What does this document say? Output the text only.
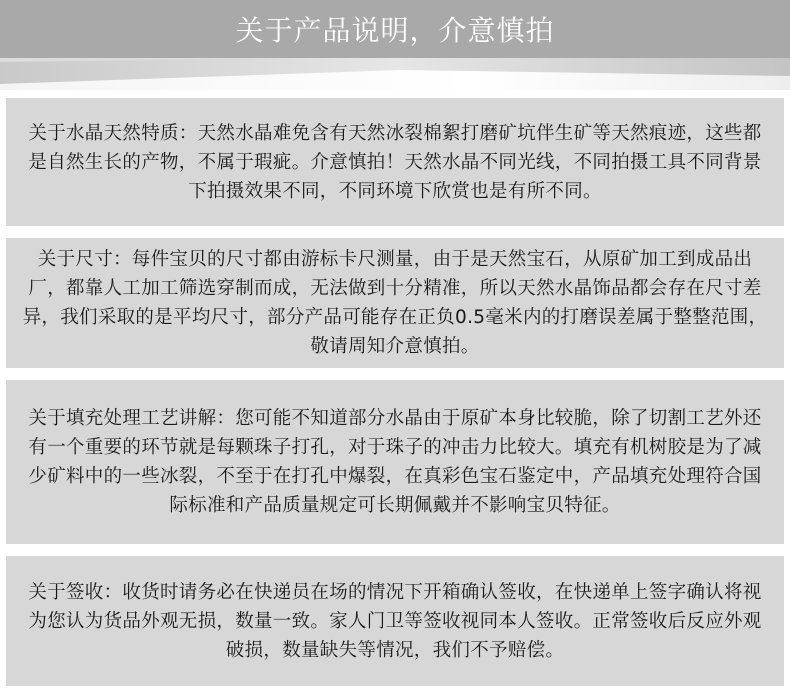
关于产品说明，介意慎拍

关于水晶天然特质：天然水晶难免含有天然冰裂棉絮打磨矿坑伴生矿等天然痕迹，这些都是自然生长的产物，不属于瑕疵。介意慎拍！天然水晶不同光线，不同拍摄工具不同背景下拍摄效果不同，不同环境下欣赏也是有所不同。

关于尺寸：每件宝贝的尺寸都由游标卡尺测量，由于是天然宝石，从原矿加工到成品出厂，都靠人工加工筛选穿制而成，无法做到十分精准，所以天然水晶饰品都会存在尺寸差异，我们采取的是平均尺寸，部分产品可能存在正负0.5毫米内的打磨误差属于整整范围，敬请周知介意慎拍。

关于填充处理工艺讲解：您可能不知道部分水晶由于原矿本身比较脆，除了切割工艺外还有一个重要的环节就是每颗珠子打孔，对于珠子的冲击力比较大。填充有机树胶是为了减少矿料中的一些冰裂，不至于在打孔中爆裂，在真彩色宝石鉴定中，产品填充处理符合国际标准和产品质量规定可长期佩戴并不影响宝贝特征。

关于签收：收货时请务必在快递员在场的情况下开箱确认签收，在快递单上签字确认将视为您认为货品外观无损，数量一致。家人门卫等签收视同本人签收。正常签收后反应外观破损，数量缺失等情况，我们不予赔偿。
